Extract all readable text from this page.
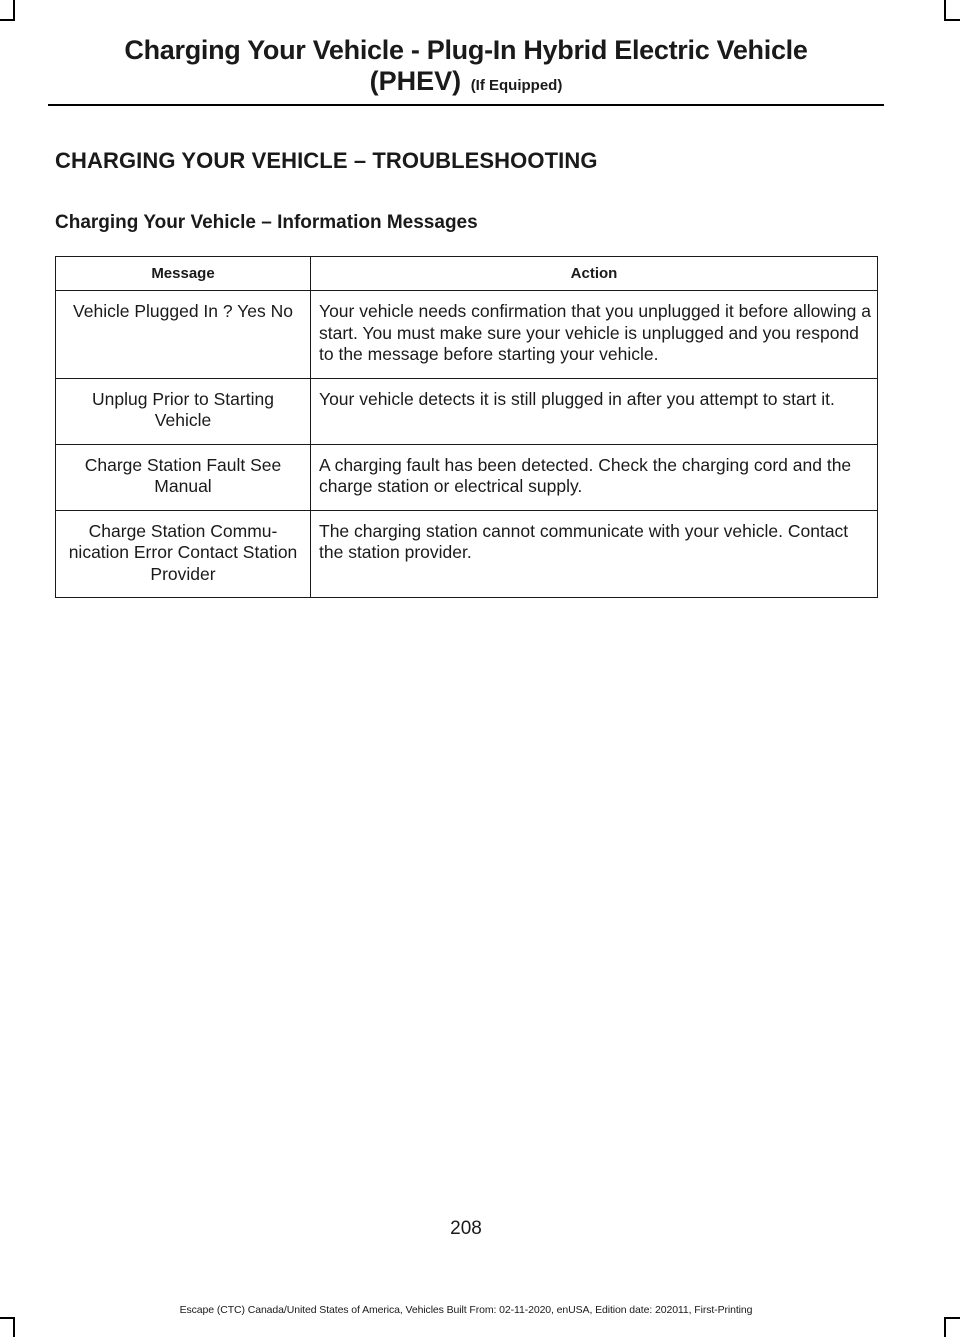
Charging Your Vehicle - Plug-In Hybrid Electric Vehicle
(PHEV) (If Equipped)
CHARGING YOUR VEHICLE – TROUBLESHOOTING
Charging Your Vehicle – Information Messages
Message	Action
Vehicle Plugged In ? Yes No	Your vehicle needs confirmation that you unplugged it before allowing a start. You must make sure your vehicle is unplugged and you respond to the message before starting your vehicle.
Unplug Prior to Starting Vehicle	Your vehicle detects it is still plugged in after you attempt to start it.
Charge Station Fault See Manual	A charging fault has been detected. Check the charging cord and the charge station or electrical supply.
Charge Station Commu-nication Error Contact Station Provider	The charging station cannot communicate with your vehicle. Contact the station provider.
208
Escape (CTC) Canada/United States of America, Vehicles Built From: 02-11-2020, enUSA, Edition date: 202011, First-Printing
